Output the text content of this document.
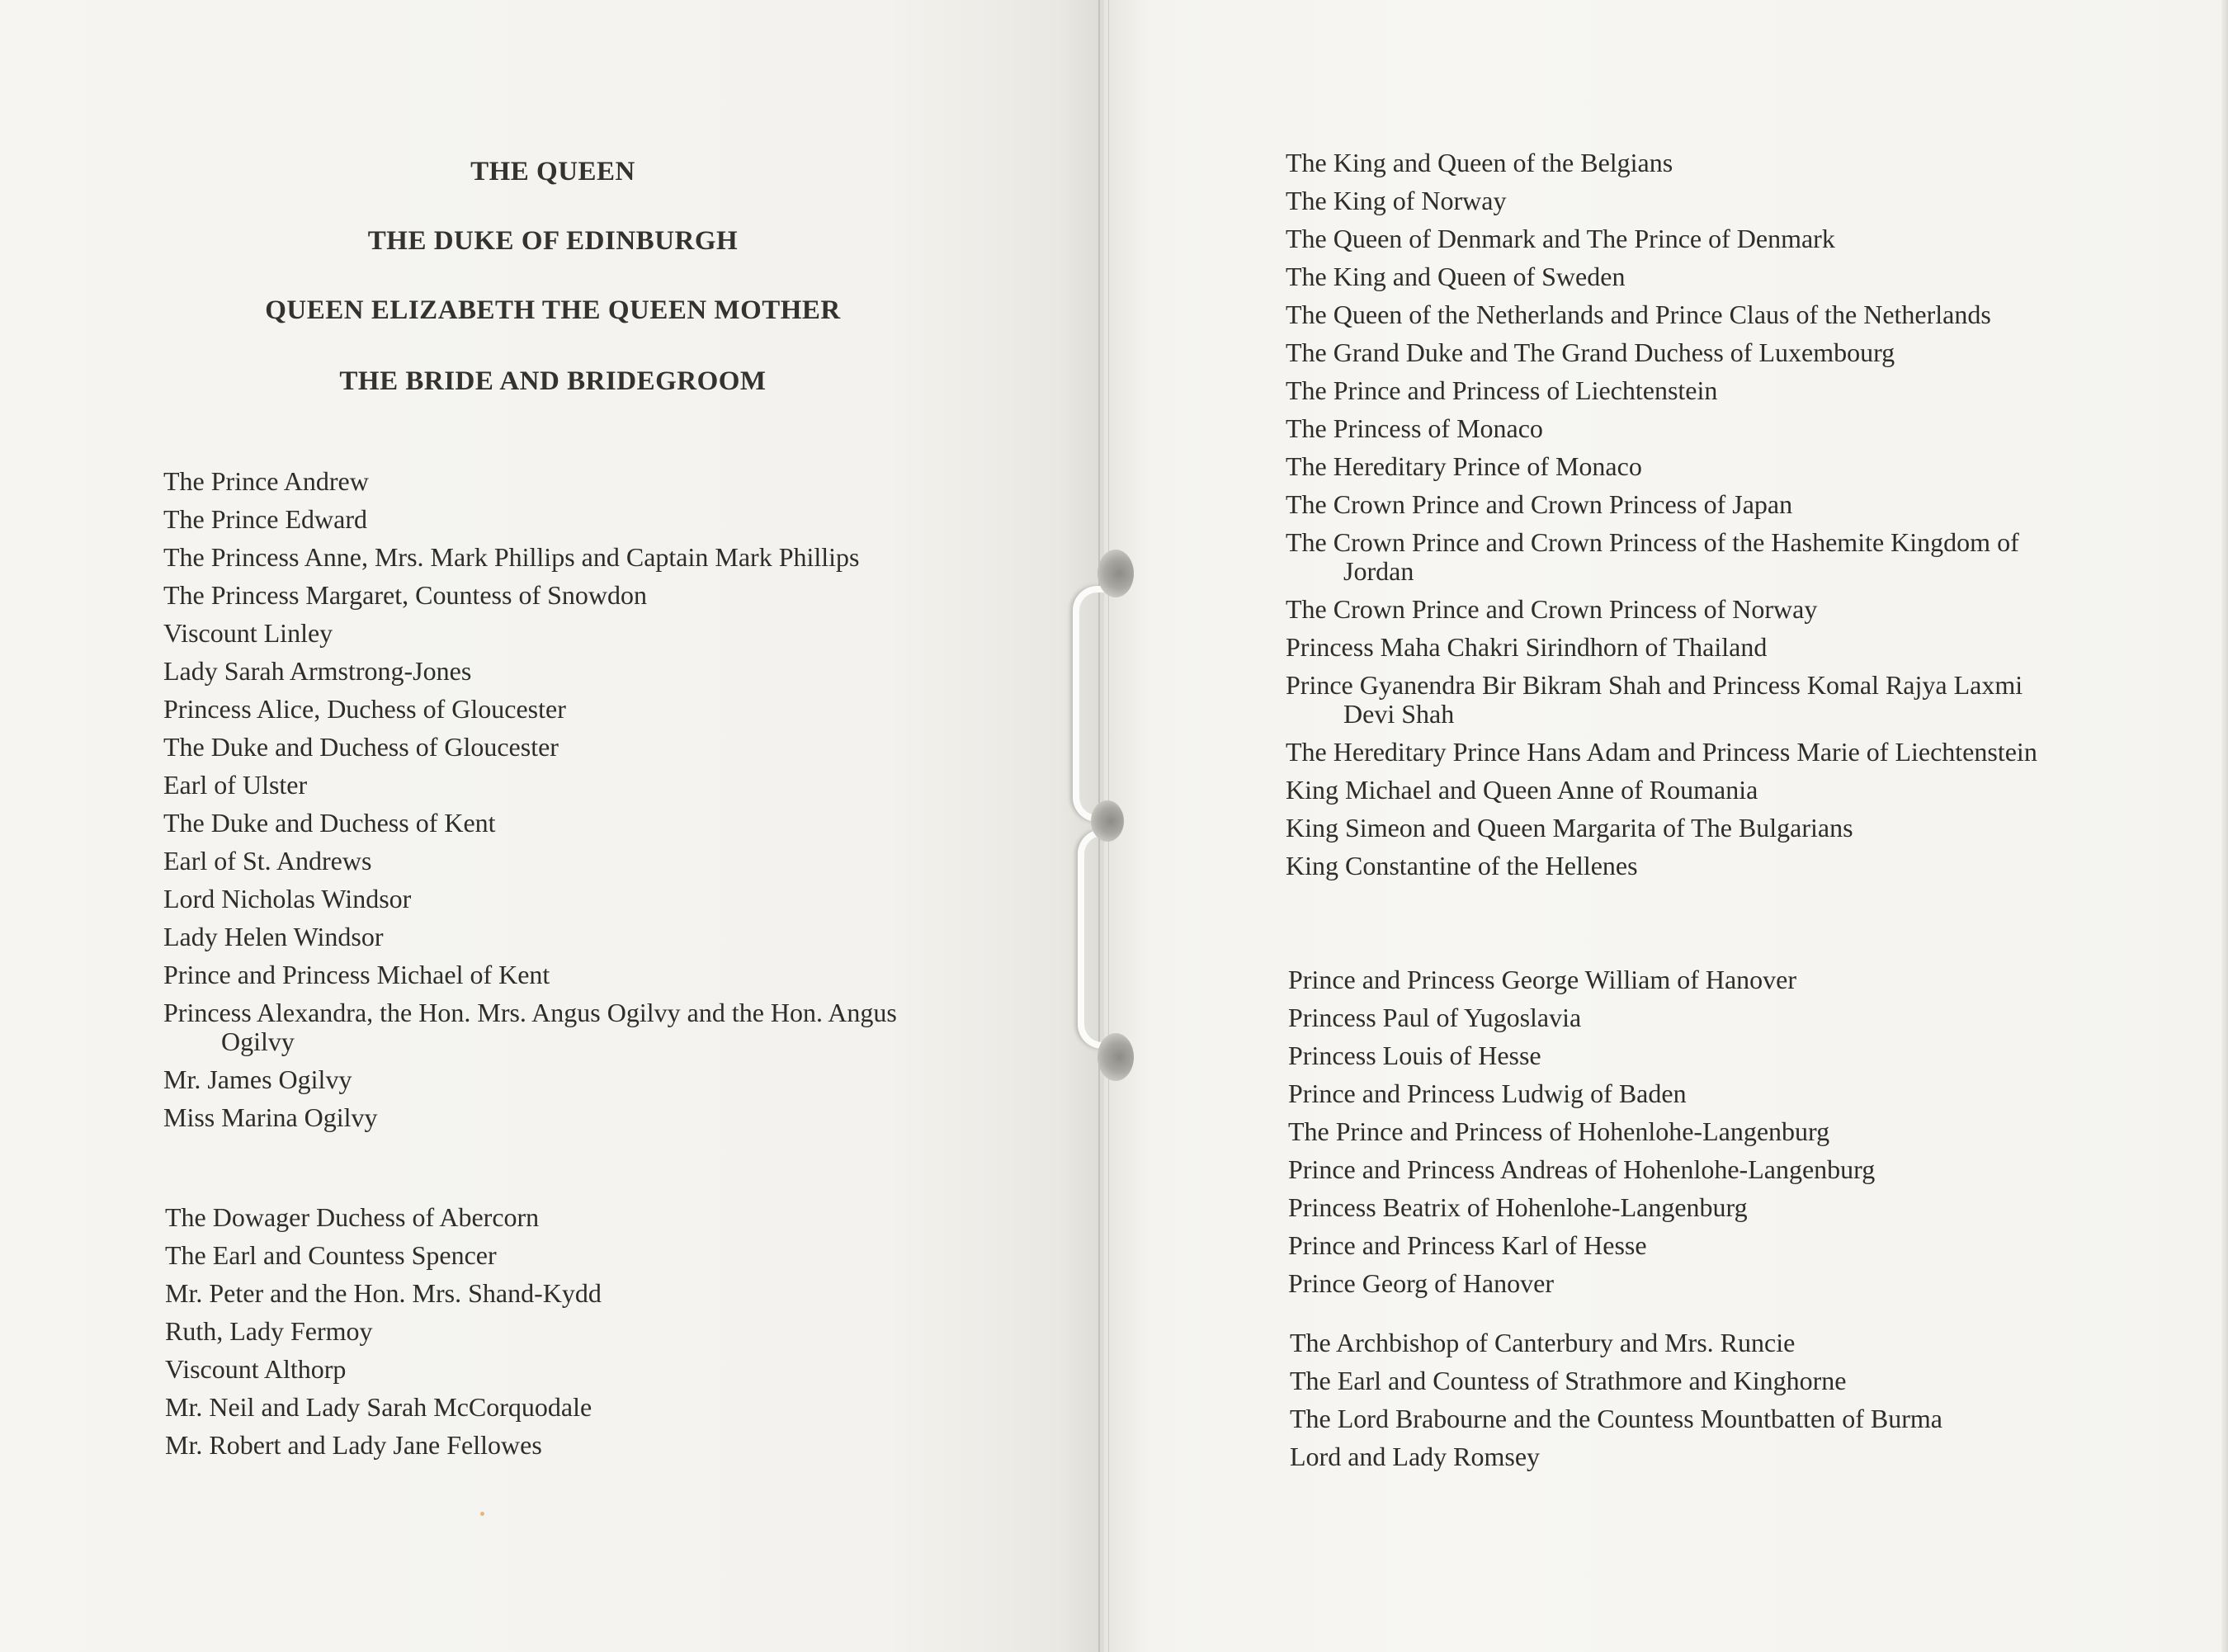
THE QUEEN

THE DUKE OF EDINBURGH

QUEEN ELIZABETH THE QUEEN MOTHER

THE BRIDE AND BRIDEGROOM

The Prince Andrew
The Prince Edward
The Princess Anne, Mrs. Mark Phillips and Captain Mark Phillips
The Princess Margaret, Countess of Snowdon
Viscount Linley
Lady Sarah Armstrong-Jones
Princess Alice, Duchess of Gloucester
The Duke and Duchess of Gloucester
Earl of Ulster
The Duke and Duchess of Kent
Earl of St. Andrews
Lord Nicholas Windsor
Lady Helen Windsor
Prince and Princess Michael of Kent
Princess Alexandra, the Hon. Mrs. Angus Ogilvy and the Hon. Angus Ogilvy
Mr. James Ogilvy
Miss Marina Ogilvy
The Dowager Duchess of Abercorn
The Earl and Countess Spencer
Mr. Peter and the Hon. Mrs. Shand-Kydd
Ruth, Lady Fermoy
Viscount Althorp
Mr. Neil and Lady Sarah McCorquodale
Mr. Robert and Lady Jane Fellowes
The King and Queen of the Belgians
The King of Norway
The Queen of Denmark and The Prince of Denmark
The King and Queen of Sweden
The Queen of the Netherlands and Prince Claus of the Netherlands
The Grand Duke and The Grand Duchess of Luxembourg
The Prince and Princess of Liechtenstein
The Princess of Monaco
The Hereditary Prince of Monaco
The Crown Prince and Crown Princess of Japan
The Crown Prince and Crown Princess of the Hashemite Kingdom of Jordan
The Crown Prince and Crown Princess of Norway
Princess Maha Chakri Sirindhorn of Thailand
Prince Gyanendra Bir Bikram Shah and Princess Komal Rajya Laxmi Devi Shah
The Hereditary Prince Hans Adam and Princess Marie of Liechtenstein
King Michael and Queen Anne of Roumania
King Simeon and Queen Margarita of The Bulgarians
King Constantine of the Hellenes
Prince and Princess George William of Hanover
Princess Paul of Yugoslavia
Princess Louis of Hesse
Prince and Princess Ludwig of Baden
The Prince and Princess of Hohenlohe-Langenburg
Prince and Princess Andreas of Hohenlohe-Langenburg
Princess Beatrix of Hohenlohe-Langenburg
Prince and Princess Karl of Hesse
Prince Georg of Hanover
The Archbishop of Canterbury and Mrs. Runcie
The Earl and Countess of Strathmore and Kinghorne
The Lord Brabourne and the Countess Mountbatten of Burma
Lord and Lady Romsey
